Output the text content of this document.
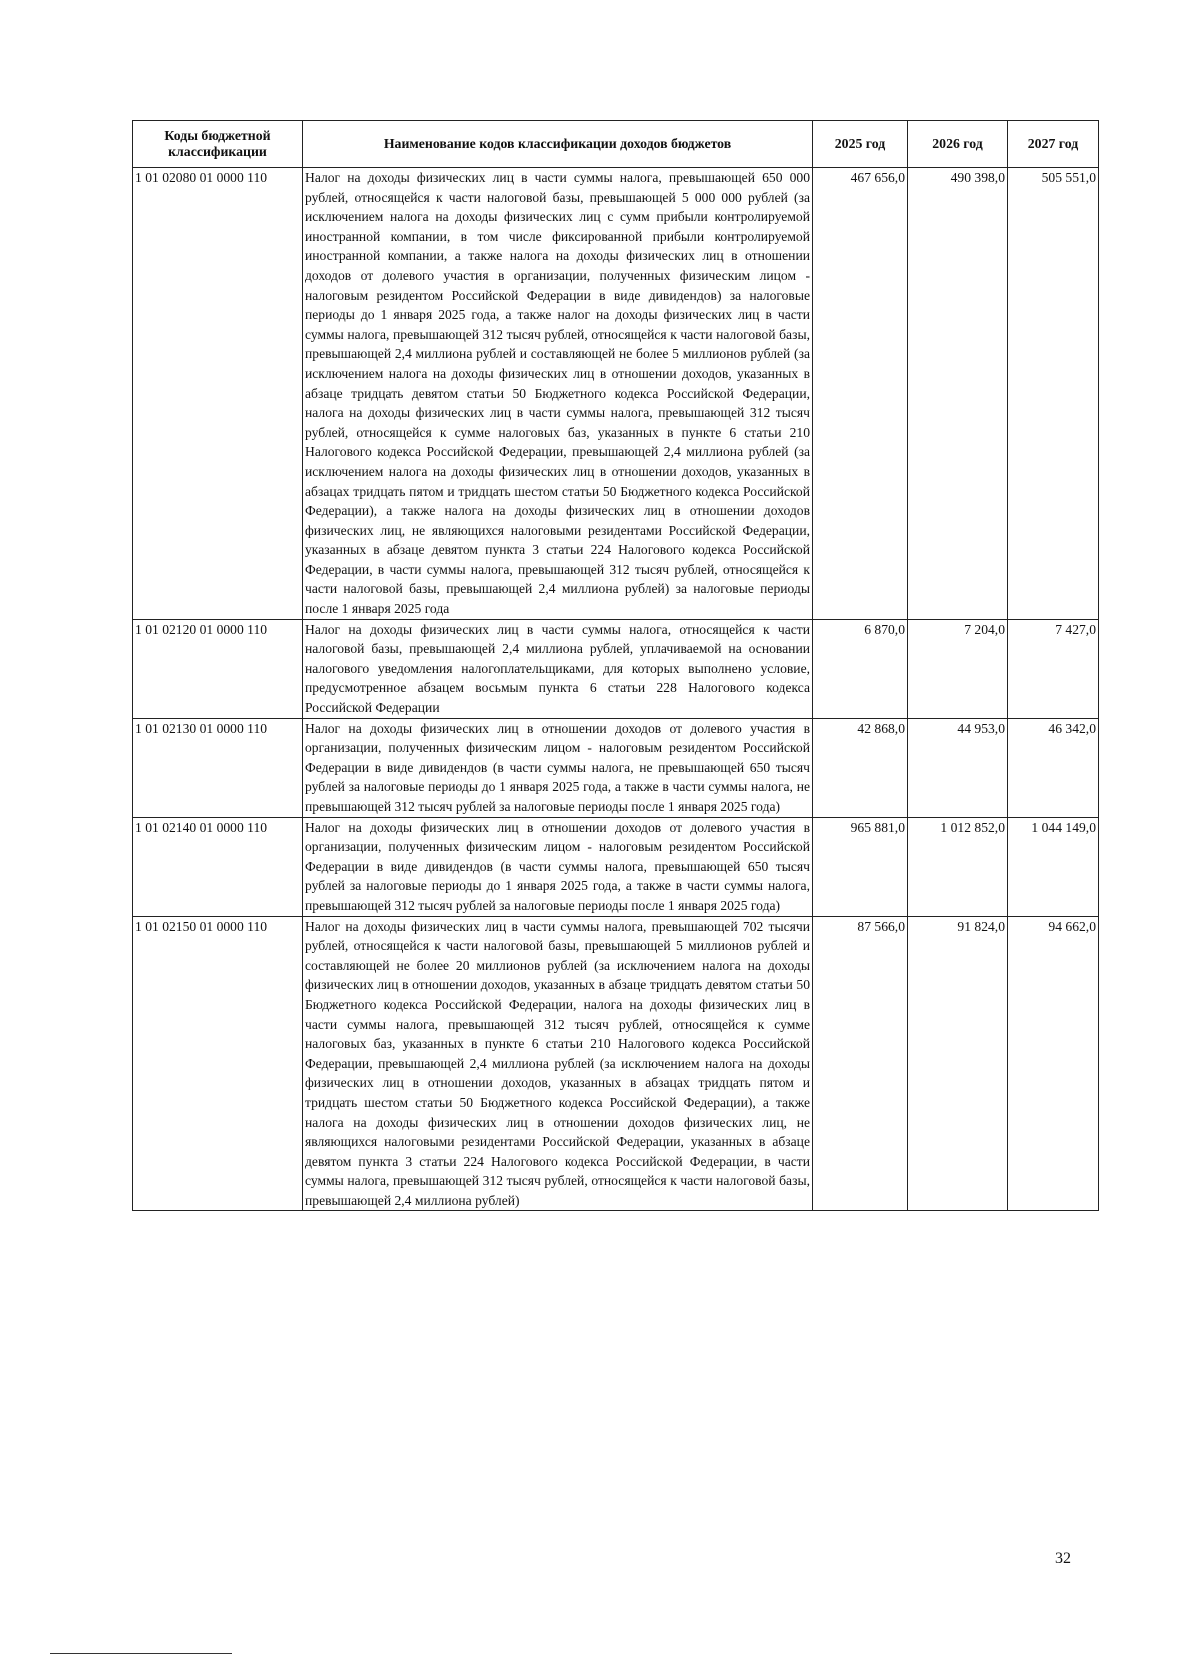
Коды бюджетной классификации	Наименование кодов классификации доходов бюджетов	2025 год	2026 год	2027 год
1 01 02080 01 0000 110	Налог на доходы физических лиц в части суммы налога, превышающей 650 000 рублей, относящейся к части налоговой базы, превышающей 5 000 000 рублей (за исключением налога на доходы физических лиц с сумм прибыли контролируемой иностранной компании, в том числе фиксированной прибыли контролируемой иностранной компании, а также налога на доходы физических лиц в отношении доходов от долевого участия в организации, полученных физическим лицом - налоговым резидентом Российской Федерации в виде дивидендов) за налоговые периоды до 1 января 2025 года, а также налог на доходы физических лиц в части суммы налога, превышающей 312 тысяч рублей, относящейся к части налоговой базы, превышающей 2,4 миллиона рублей и составляющей не более 5 миллионов рублей (за исключением налога на доходы физических лиц в отношении доходов, указанных в абзаце тридцать девятом статьи 50 Бюджетного кодекса Российской Федерации, налога на доходы физических лиц в части суммы налога, превышающей 312 тысяч рублей, относящейся к сумме налоговых баз, указанных в пункте 6 статьи 210 Налогового кодекса Российской Федерации, превышающей 2,4 миллиона рублей (за исключением налога на доходы физических лиц в отношении доходов, указанных в абзацах тридцать пятом и тридцать шестом статьи 50 Бюджетного кодекса Российской Федерации), а также налога на доходы физических лиц в отношении доходов физических лиц, не являющихся налоговыми резидентами Российской Федерации, указанных в абзаце девятом пункта 3 статьи 224 Налогового кодекса Российской Федерации, в части суммы налога, превышающей 312 тысяч рублей, относящейся к части налоговой базы, превышающей 2,4 миллиона рублей) за налоговые периоды после 1 января 2025 года	467 656,0	490 398,0	505 551,0
1 01 02120 01 0000 110	Налог на доходы физических лиц в части суммы налога, относящейся к части налоговой базы, превышающей 2,4 миллиона рублей, уплачиваемой на основании налогового уведомления налогоплательщиками, для которых выполнено условие, предусмотренное абзацем восьмым пункта 6 статьи 228 Налогового кодекса Российской Федерации	6 870,0	7 204,0	7 427,0
1 01 02130 01 0000 110	Налог на доходы физических лиц в отношении доходов от долевого участия в организации, полученных физическим лицом - налоговым резидентом Российской Федерации в виде дивидендов (в части суммы налога, не превышающей 650 тысяч рублей за налоговые периоды до 1 января 2025 года, а также в части суммы налога, не превышающей 312 тысяч рублей за налоговые периоды после 1 января 2025 года)	42 868,0	44 953,0	46 342,0
1 01 02140 01 0000 110	Налог на доходы физических лиц в отношении доходов от долевого участия в организации, полученных физическим лицом - налоговым резидентом Российской Федерации в виде дивидендов (в части суммы налога, превышающей 650 тысяч рублей за налоговые периоды до 1 января 2025 года, а также в части суммы налога, превышающей 312 тысяч рублей за налоговые периоды после 1 января 2025 года)	965 881,0	1 012 852,0	1 044 149,0
1 01 02150 01 0000 110	Налог на доходы физических лиц в части суммы налога, превышающей 702 тысячи рублей, относящейся к части налоговой базы, превышающей 5 миллионов рублей и составляющей не более 20 миллионов рублей (за исключением налога на доходы физических лиц в отношении доходов, указанных в абзаце тридцать девятом статьи 50 Бюджетного кодекса Российской Федерации, налога на доходы физических лиц в части суммы налога, превышающей 312 тысяч рублей, относящейся к сумме налоговых баз, указанных в пункте 6 статьи 210 Налогового кодекса Российской Федерации, превышающей 2,4 миллиона рублей (за исключением налога на доходы физических лиц в отношении доходов, указанных в абзацах тридцать пятом и тридцать шестом статьи 50 Бюджетного кодекса Российской Федерации), а также налога на доходы физических лиц в отношении доходов физических лиц, не являющихся налоговыми резидентами Российской Федерации, указанных в абзаце девятом пункта 3 статьи 224 Налогового кодекса Российской Федерации, в части суммы налога, превышающей 312 тысяч рублей, относящейся к части налоговой базы, превышающей 2,4 миллиона рублей)	87 566,0	91 824,0	94 662,0
32
